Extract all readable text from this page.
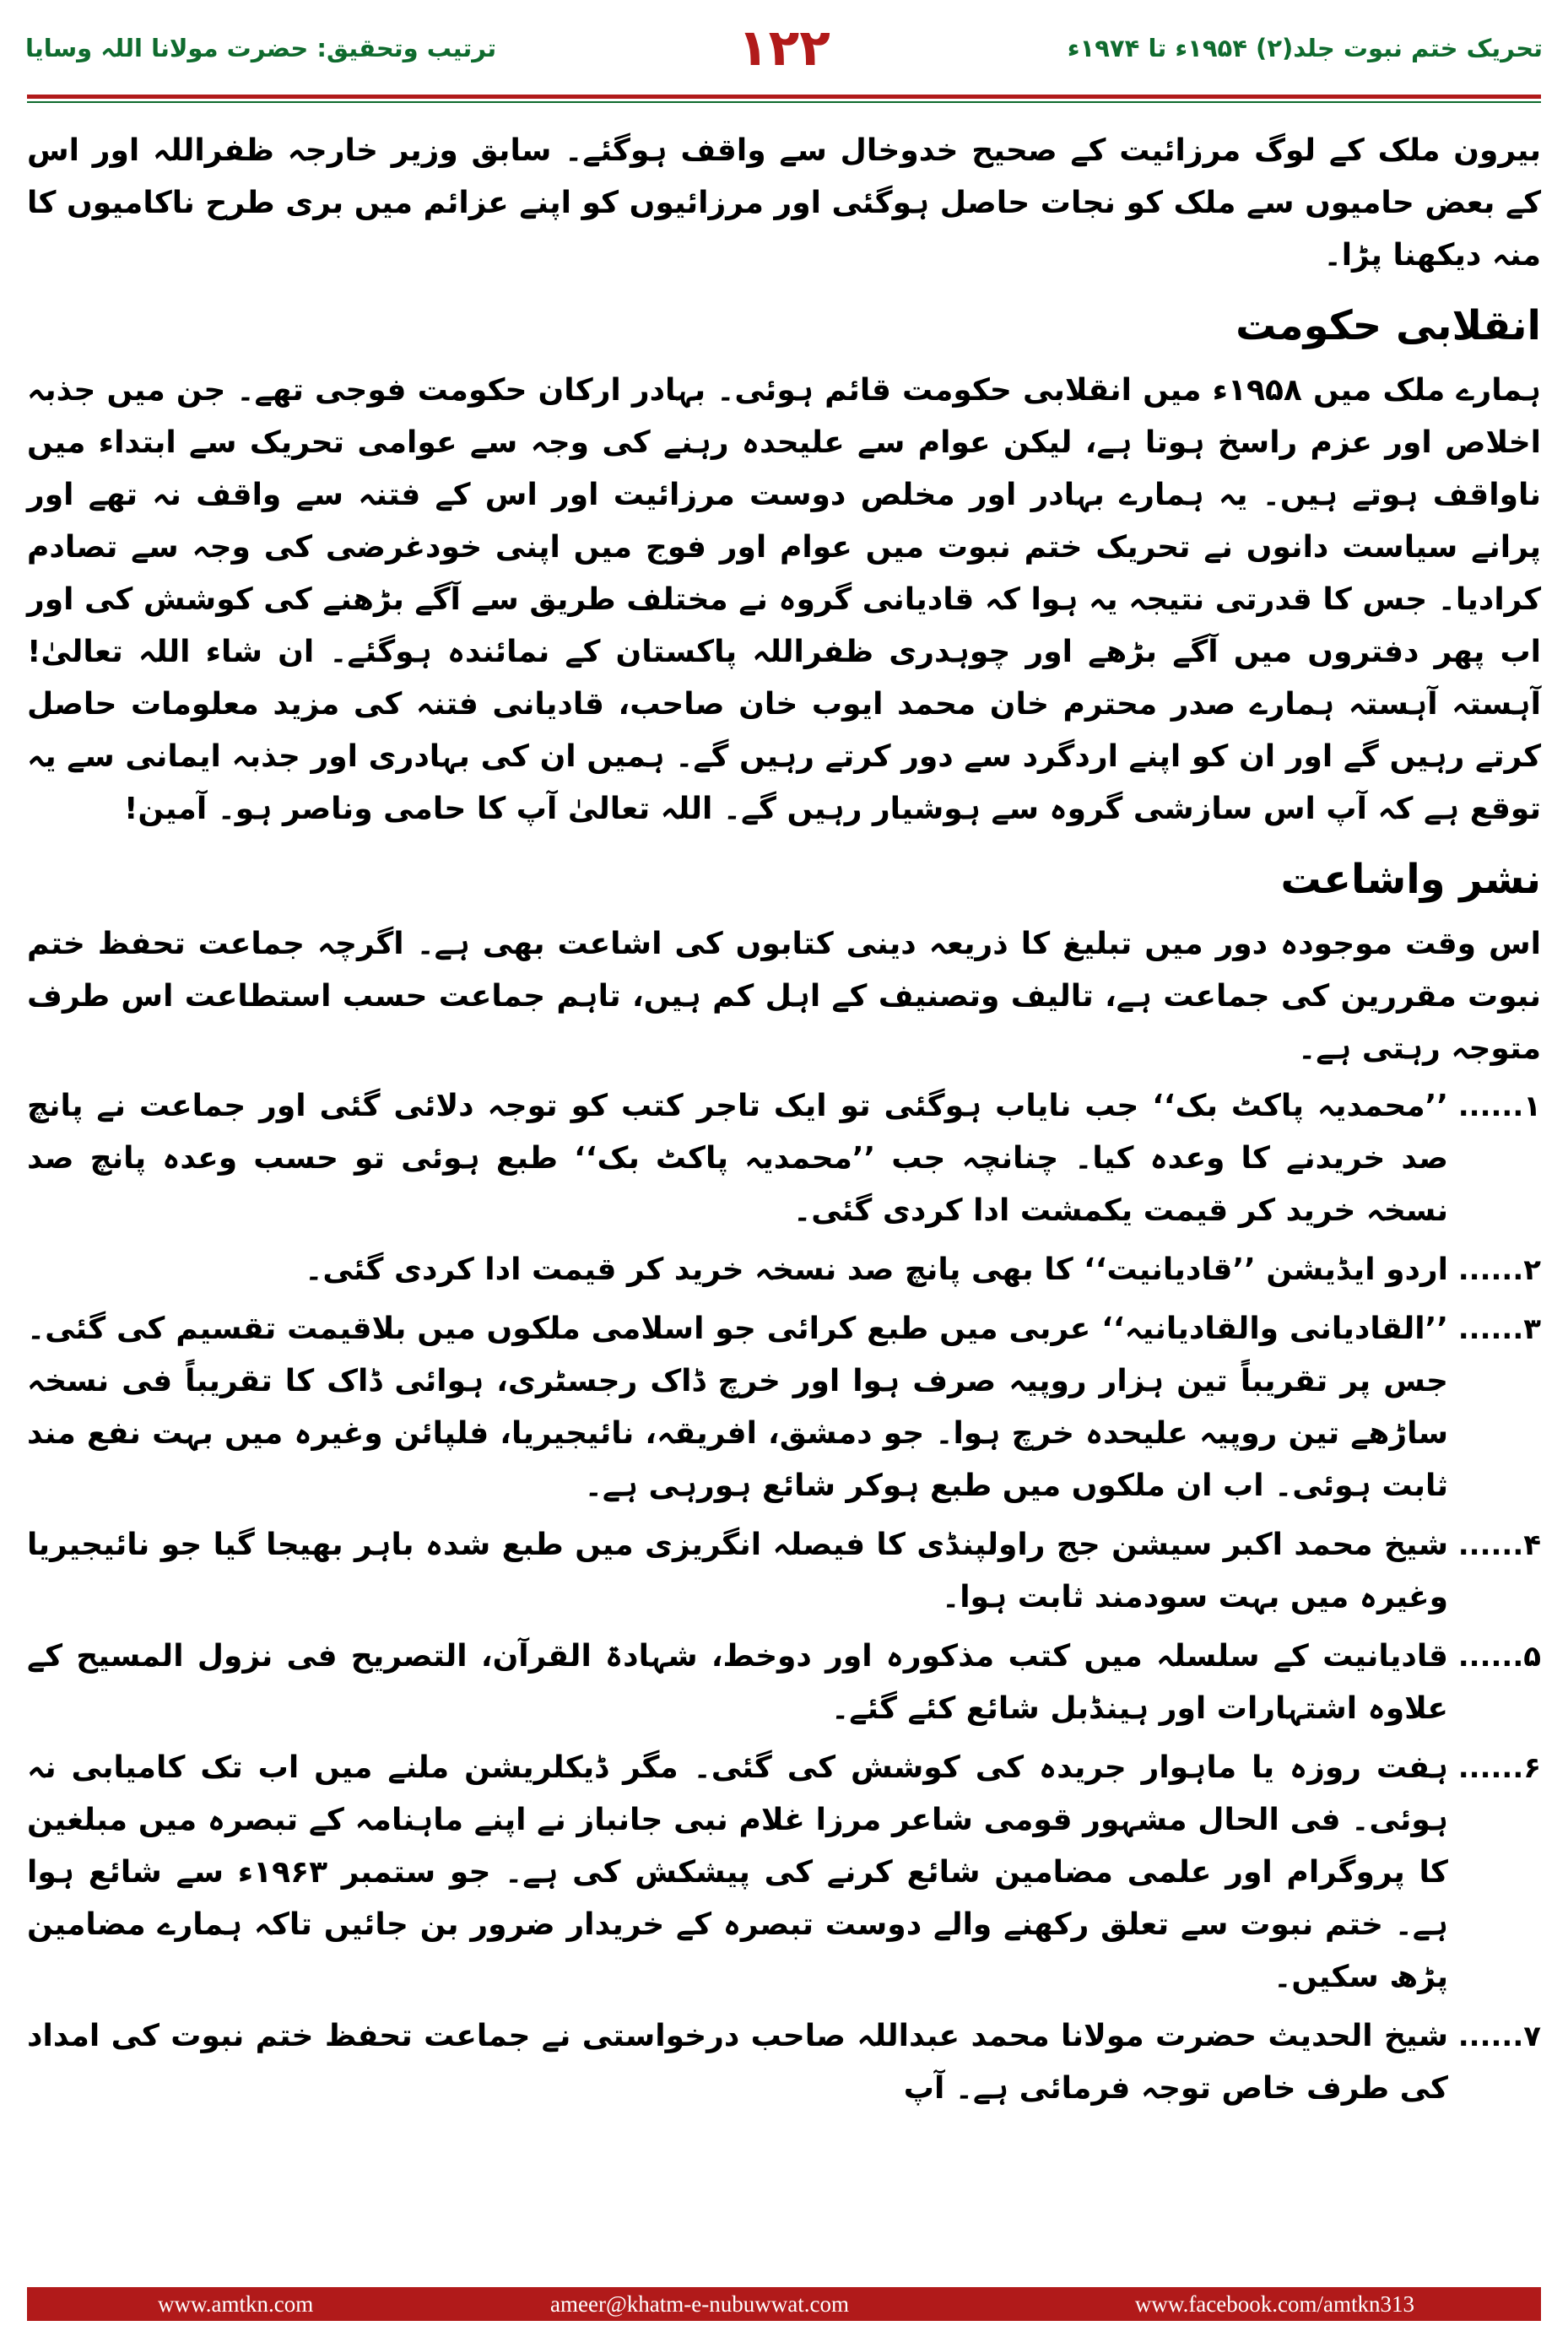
ترتیب وتحقیق: حضرت مولانا اللہ وسایا	۱۲۲	تحریک ختم نبوت جلد(۲) ۱۹۵۴ء تا ۱۹۷۴ء

بیرون ملک کے لوگ مرزائیت کے صحیح خدوخال سے واقف ہوگئے۔ سابق وزیر خارجہ ظفراللہ اور اس کے بعض حامیوں سے ملک کو نجات حاصل ہوگئی اور مرزائیوں کو اپنے عزائم میں بری طرح ناکامیوں کا منہ دیکھنا پڑا۔

انقلابی حکومت

ہمارے ملک میں ۱۹۵۸ء میں انقلابی حکومت قائم ہوئی۔ بہادر ارکان حکومت فوجی تھے۔ جن میں جذبہ اخلاص اور عزم راسخ ہوتا ہے، لیکن عوام سے علیحدہ رہنے کی وجہ سے عوامی تحریک سے ابتداء میں ناواقف ہوتے ہیں۔ یہ ہمارے بہادر اور مخلص دوست مرزائیت اور اس کے فتنہ سے واقف نہ تھے اور پرانے سیاست دانوں نے تحریک ختم نبوت میں عوام اور فوج میں اپنی خودغرضی کی وجہ سے تصادم کرادیا۔ جس کا قدرتی نتیجہ یہ ہوا کہ قادیانی گروہ نے مختلف طریق سے آگے بڑھنے کی کوشش کی اور اب پھر دفتروں میں آگے بڑھے اور چوہدری ظفراللہ پاکستان کے نمائندہ ہوگئے۔ ان شاء اللہ تعالیٰ! آہستہ آہستہ ہمارے صدر محترم خان محمد ایوب خان صاحب، قادیانی فتنہ کی مزید معلومات حاصل کرتے رہیں گے اور ان کو اپنے اردگرد سے دور کرتے رہیں گے۔ ہمیں ان کی بہادری اور جذبہ ایمانی سے یہ توقع ہے کہ آپ اس سازشی گروہ سے ہوشیار رہیں گے۔ اللہ تعالیٰ آپ کا حامی وناصر ہو۔ آمین!

نشر واشاعت

اس وقت موجودہ دور میں تبلیغ کا ذریعہ دینی کتابوں کی اشاعت بھی ہے۔ اگرچہ جماعت تحفظ ختم نبوت مقررین کی جماعت ہے، تالیف وتصنیف کے اہل کم ہیں، تاہم جماعت حسب استطاعت اس طرف متوجہ رہتی ہے۔

۱......
’’محمدیہ پاکٹ بک‘‘ جب نایاب ہوگئی تو ایک تاجر کتب کو توجہ دلائی گئی اور جماعت نے پانچ صد خریدنے کا وعدہ کیا۔ چنانچہ جب ’’محمدیہ پاکٹ بک‘‘ طبع ہوئی تو حسب وعدہ پانچ صد نسخہ خرید کر قیمت یکمشت ادا کردی گئی۔
۲......
اردو ایڈیشن ’’قادیانیت‘‘ کا بھی پانچ صد نسخہ خرید کر قیمت ادا کردی گئی۔
۳......
’’القادیانی والقادیانیہ‘‘ عربی میں طبع کرائی جو اسلامی ملکوں میں بلاقیمت تقسیم کی گئی۔ جس پر تقریباً تین ہزار روپیہ صرف ہوا اور خرچ ڈاک رجسٹری، ہوائی ڈاک کا تقریباً فی نسخہ ساڑھے تین روپیہ علیحدہ خرچ ہوا۔ جو دمشق، افریقہ، نائیجیریا، فلپائن وغیرہ میں بہت نفع مند ثابت ہوئی۔ اب ان ملکوں میں طبع ہوکر شائع ہورہی ہے۔
۴......
شیخ محمد اکبر سیشن جج راولپنڈی کا فیصلہ انگریزی میں طبع شدہ باہر بھیجا گیا جو نائیجیریا وغیرہ میں بہت سودمند ثابت ہوا۔
۵......
قادیانیت کے سلسلہ میں کتب مذکورہ اور دوخط، شہادۃ القرآن، التصریح فی نزول المسیح کے علاوہ اشتہارات اور ہینڈبل شائع کئے گئے۔
۶......
ہفت روزہ یا ماہوار جریدہ کی کوشش کی گئی۔ مگر ڈیکلریشن ملنے میں اب تک کامیابی نہ ہوئی۔ فی الحال مشہور قومی شاعر مرزا غلام نبی جانباز نے اپنے ماہنامہ کے تبصرہ میں مبلغین کا پروگرام اور علمی مضامین شائع کرنے کی پیشکش کی ہے۔ جو ستمبر ۱۹۶۳ء سے شائع ہوا ہے۔ ختم نبوت سے تعلق رکھنے والے دوست تبصرہ کے خریدار ضرور بن جائیں تاکہ ہمارے مضامین پڑھ سکیں۔
۷......
شیخ الحدیث حضرت مولانا محمد عبداللہ صاحب درخواستی نے جماعت تحفظ ختم نبوت کی امداد کی طرف خاص توجہ فرمائی ہے۔ آپ
www.amtkn.com	ameer@khatm-e-nubuwwat.com	www.facebook.com/amtkn313
